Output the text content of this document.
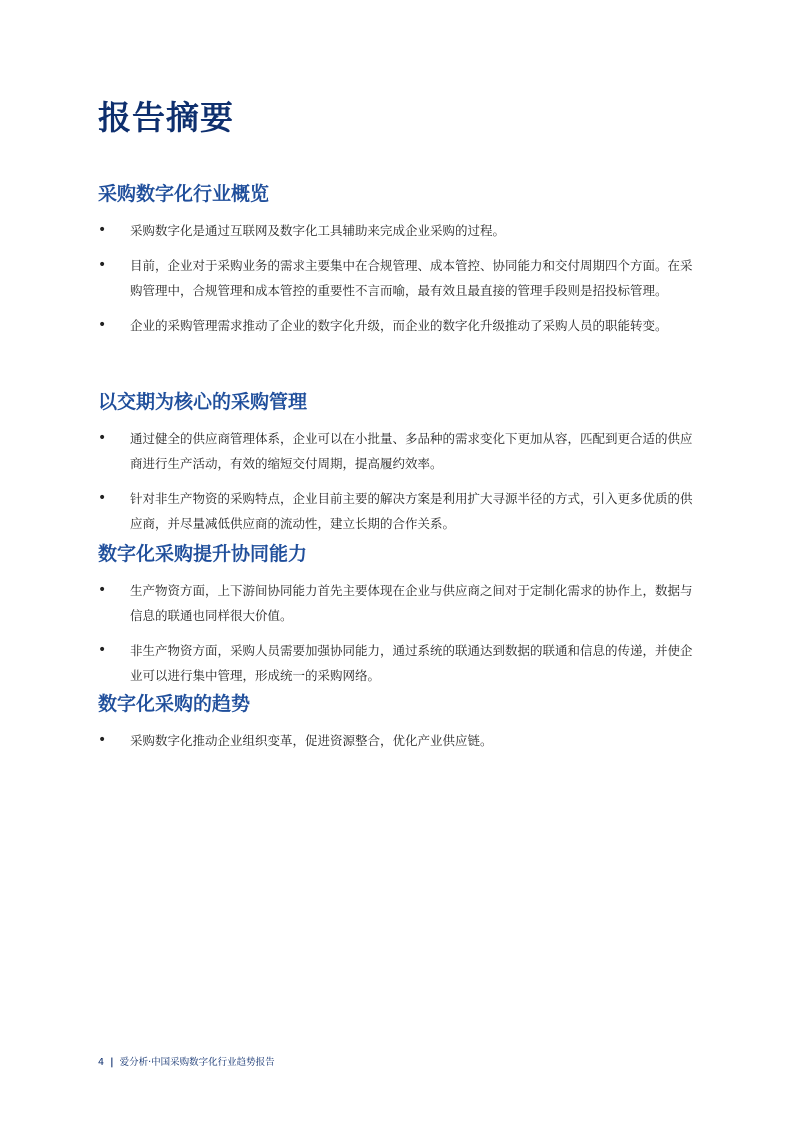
报告摘要
采购数字化行业概览
• 采购数字化是通过互联网及数字化工具辅助来完成企业采购的过程。
• 目前，企业对于采购业务的需求主要集中在合规管理、成本管控、协同能力和交付周期四个方面。在采购管理中，合规管理和成本管控的重要性不言而喻，最有效且最直接的管理手段则是招投标管理。
• 企业的采购管理需求推动了企业的数字化升级，而企业的数字化升级推动了采购人员的职能转变。
以交期为核心的采购管理
• 通过健全的供应商管理体系，企业可以在小批量、多品种的需求变化下更加从容，匹配到更合适的供应商进行生产活动，有效的缩短交付周期，提高履约效率。
• 针对非生产物资的采购特点，企业目前主要的解决方案是利用扩大寻源半径的方式，引入更多优质的供应商，并尽量减低供应商的流动性，建立长期的合作关系。
数字化采购提升协同能力
• 生产物资方面，上下游间协同能力首先主要体现在企业与供应商之间对于定制化需求的协作上，数据与信息的联通也同样很大价值。
• 非生产物资方面，采购人员需要加强协同能力，通过系统的联通达到数据的联通和信息的传递，并使企业可以进行集中管理，形成统一的采购网络。
数字化采购的趋势
• 采购数字化推动企业组织变革，促进资源整合，优化产业供应链。
4 | 爱分析·中国采购数字化行业趋势报告
